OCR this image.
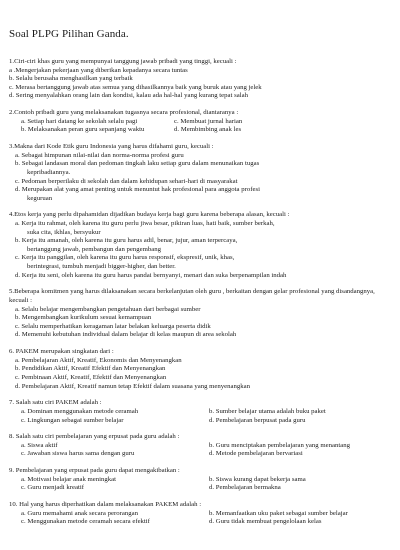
Soal PLPG Pilihan Ganda.
1.Ciri-ciri khas guru yang mempunyai tanggung jawab pribadi yang tinggi, kecuali :
a .Mengerjakan pekerjaan yang diberikan kepadanya secara tuntas
b. Selalu berusaha menghasilkan yang terbaik
c. Merasa bertanggung jawab atas semua yang dihasilkannya baik yang buruk atau yang jelek
d. Sering menyalahkan orang lain dan kondisi, kalau ada hal-hal yang kurang tepat salah
2.Contoh pribadi guru yang melaksanakan tugasnya secara profesional, diantaranya :
a. Setiap hari datang ke sekolah selalu pagi	c. Membuat jurnal harian
b. Melaksanakan peran guru sepanjang waktu	d. Membimbing anak les
3.Makna dari Kode Etik guru Indonesia yang harus difahami guru, kecuali :
a. Sebagai himpunan nilai-nilai dan norma-norma profesi guru
b. Sebagai landasan moral dan pedoman tingkah laku setiap guru dalam menunaikan tugas
kepribadiannya.
c. Pedoman berperilaku di sekolah dan dalam kehidupan sehari-hari di masyarakat
d. Merupakan alat yang amat penting untuk menuntut hak profesional para anggota profesi
keguruan
4.Etos kerja yang perlu dipahamidan dijadikan budaya kerja bagi guru karena beberapa alasan, kecuali :
a. Kerja itu rahmat, oleh karena itu guru perlu jiwa besar, pikiran luas, hati baik, sumber berkah,
suka cita, ikhlas, bersyukur
b. Kerja itu amanah, oleh karena itu guru harus adil, benar, jujur, aman terpercaya,
bertanggung jawab, pembangun dan pengembang
c. Kerja itu panggilan, oleh karena itu guru harus responsif, ekspresif, unik, khas,
berintegrasi, tumbuh menjadi bigger-higher, dan better.
d. Kerja itu seni, oleh karena itu guru harus pandai bernyanyi, menari dan suka berpenampilan indah
5.Beberapa komitmen yang harus dilaksanakan secara berkelanjutan oleh guru , berkaitan dengan gelar profesional yang disandangnya, kecuali :
a. Selalu belajar mengembangkan pengetahuan dari berbagai sumber
b. Mengembangkan kurikulum sesuai kemampuan
c. Selalu memperhatikan keragaman latar belakan keluarga peserta didik
d. Memenuhi kebutuhan individual dalam belajar di kelas maupun di area sekolah
6. PAKEM merupakan singkatan dari :
a. Pembelajaran Aktif, Kreatif, Ekonomis dan Menyenangkan
b. Pendidikan Aktif, Kreatif Efektif dan Menyenangkan
c. Pembinaan Aktif, Kreatif, Efektif dan Menyenangkan
d. Pembelajaran Aktif, Kreatif namun tetap Efektif dalam suasana yang menyenangkan
7. Salah satu ciri PAKEM adalah :
a. Dominan menggunakan metode ceramah	b. Sumber belajar utama adalah buku paket
c. Lingkungan sebagai sumber belajar	d. Pembelajaran berpusat pada guru
8. Salah satu ciri pembelajaran yang erpusat pada guru adalah :
a. Siswa aktif	b. Guru menciptakan pembelajaran yang menantang
c. Jawaban siswa harus sama dengan guru	d. Metode pembelajaran bervariasi
9. Pembelajaran yang erpusat pada guru dapat mengakibatkan :
a. Motivasi belajar anak meningkat	b. Siswa kurang dapat bekerja sama
c. Guru menjadi kreatif	d. Pembelajaran bermakna
10. Hal yang harus diperhatikan dalam melaksanakan PAKEM adalah :
a. Guru memahami anak secara perorangan	b. Memanfaatkan uku paket sebagai sumber belajar
c. Menggunakan metode ceramah secara efektif	d. Guru tidak membuat pengelolaan kelas
